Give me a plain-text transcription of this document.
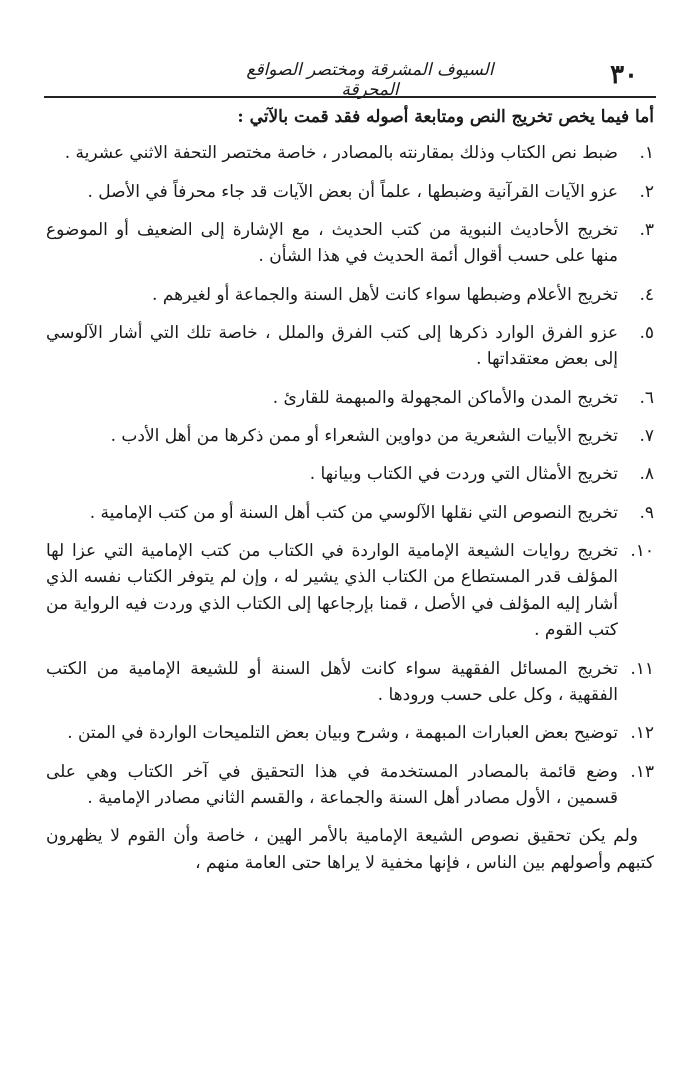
السيوف المشرقة ومختصر الصواقع المحرقة	٣٠

أما فيما يخص تخريج النص ومتابعة أصوله فقد قمت بالآتي :

١.
ضبط نص الكتاب وذلك بمقارنته بالمصادر ، خاصة مختصر التحفة الاثني عشرية .
٢.
عزو الآيات القرآنية وضبطها ، علماً أن بعض الآيات قد جاء محرفاً في الأصل .
٣.
تخريج الأحاديث النبوية من كتب الحديث ، مع الإشارة إلى الضعيف أو الموضوع منها على حسب أقوال أئمة الحديث في هذا الشأن .
٤.
تخريج الأعلام وضبطها سواء كانت لأهل السنة والجماعة أو لغيرهم .
٥.
عزو الفرق الوارد ذكرها إلى كتب الفرق والملل ، خاصة تلك التي أشار الآلوسي إلى بعض معتقداتها .
٦.
تخريج المدن والأماكن المجهولة والمبهمة للقارئ .
٧.
تخريج الأبيات الشعرية من دواوين الشعراء أو ممن ذكرها من أهل الأدب .
٨.
تخريج الأمثال التي وردت في الكتاب وبيانها .
٩.
تخريج النصوص التي نقلها الآلوسي من كتب أهل السنة أو من كتب الإمامية .
١٠.
تخريج روايات الشيعة الإمامية الواردة في الكتاب من كتب الإمامية التي عزا لها المؤلف قدر المستطاع من الكتاب الذي يشير له ، وإن لم يتوفر الكتاب نفسه الذي أشار إليه المؤلف في الأصل ، قمنا بإرجاعها إلى الكتاب الذي وردت فيه الرواية من كتب القوم .
١١.
تخريج المسائل الفقهية سواء كانت لأهل السنة أو للشيعة الإمامية من الكتب الفقهية ، وكل على حسب ورودها .
١٢.
توضيح بعض العبارات المبهمة ، وشرح وبيان بعض التلميحات الواردة في المتن .
١٣.
وضع قائمة بالمصادر المستخدمة في هذا التحقيق في آخر الكتاب وهي على قسمين ، الأول مصادر أهل السنة والجماعة ، والقسم الثاني مصادر الإمامية .

ولم يكن تحقيق نصوص الشيعة الإمامية بالأمر الهين ، خاصة وأن القوم لا يظهرون كتبهم وأصولهم بين الناس ، فإنها مخفية لا يراها حتى العامة منهم ،
